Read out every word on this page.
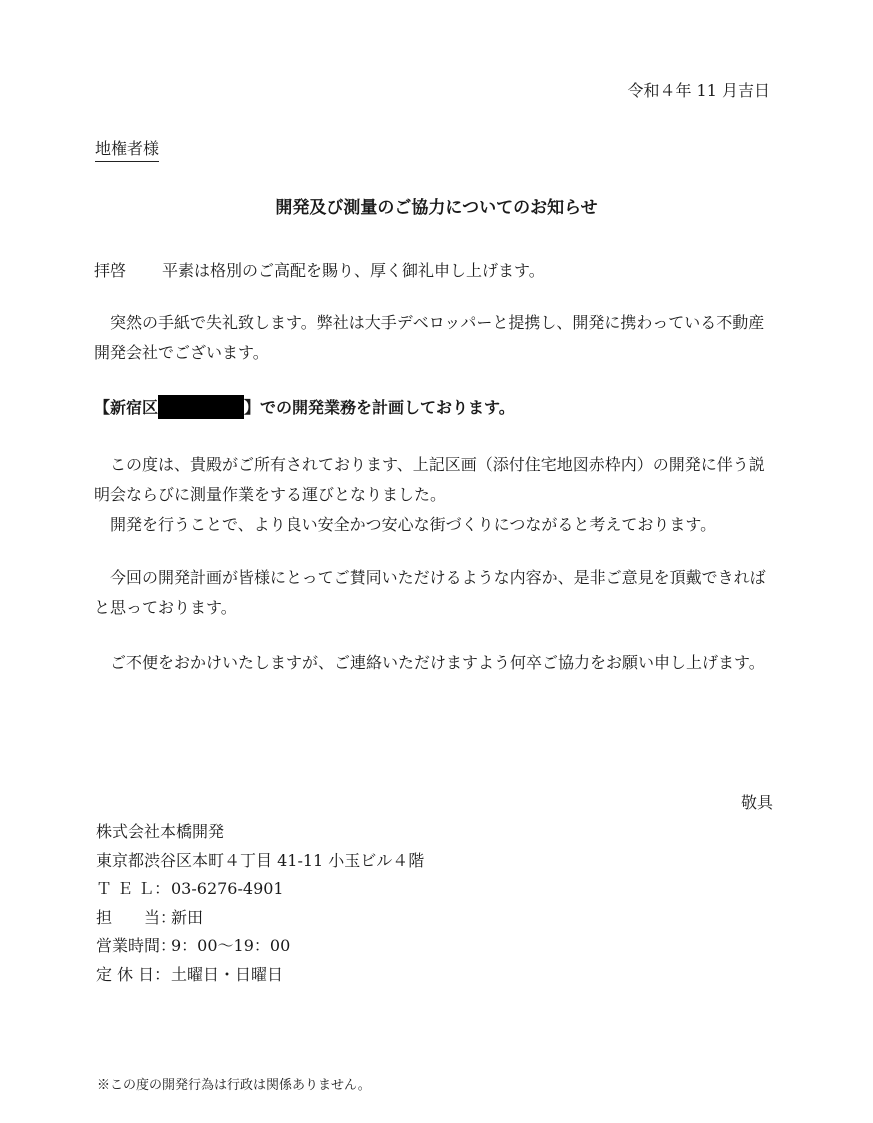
令和４年 11 月吉日
地権者様
開発及び測量のご協力についてのお知らせ
拝啓 平素は格別のご高配を賜り、厚く御礼申し上げます。

突然の手紙で失礼致します。弊社は大手デベロッパーと提携し、開発に携わっている不動産開発会社でございます。

【新宿区	】での開発業務を計画しております。

この度は、貴殿がご所有されております、上記区画（添付住宅地図赤枠内）の開発に伴う説明会ならびに測量作業をする運びとなりました。

開発を行うことで、より良い安全かつ安心な街づくりにつながると考えております。

今回の開発計画が皆様にとってご賛同いただけるような内容か、是非ご意見を頂戴できればと思っております。

ご不便をおかけいたしますが、ご連絡いただけますよう何卒ご協力をお願い申し上げます。

敬具
株式会社本橋開発
東京都渋谷区本町４丁目 41-11 小玉ビル４階
Ｔ Ｅ Ｌ：03-6276-4901
担　　当：新田
営業時間：9：00〜19：00
定 休 日：土曜日・日曜日
※この度の開発行為は行政は関係ありません。
